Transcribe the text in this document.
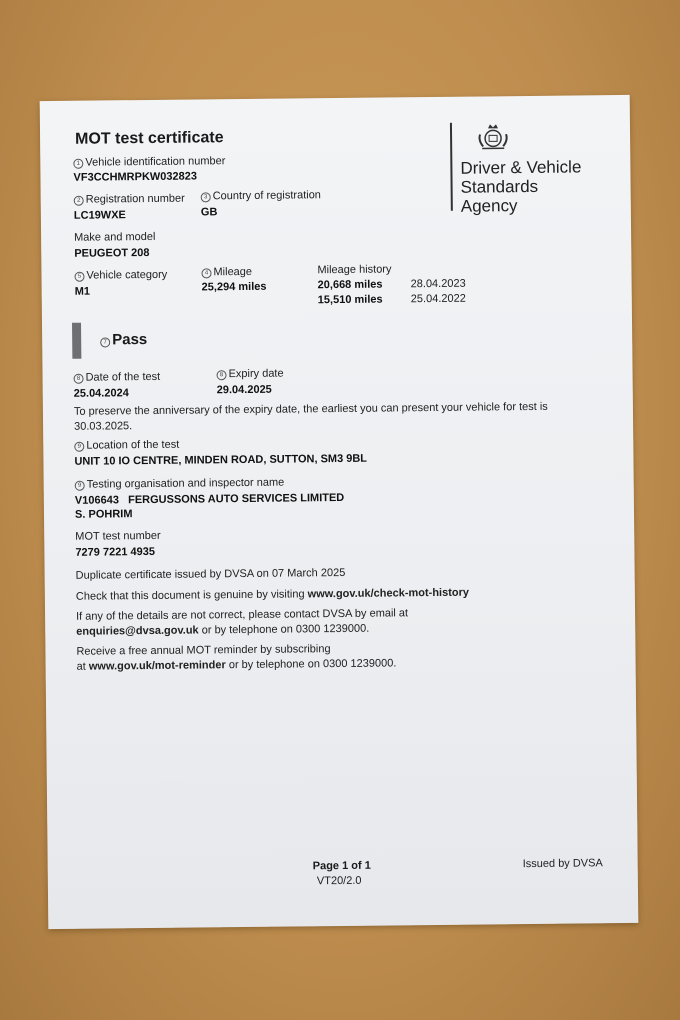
MOT test certificate
Driver & Vehicle
Standards
Agency
1 Vehicle identification number
VF3CCHMRPKW032823
2 Registration number
LC19WXE
3 Country of registration
GB
Make and model
PEUGEOT 208
5 Vehicle category
M1
4 Mileage
25,294 miles
Mileage history
20,668 miles	28.04.2023
15,510 miles	25.04.2022
7 Pass
8 Date of the test
25.04.2024
8 Expiry date
29.04.2025
To preserve the anniversary of the expiry date, the earliest you can present your vehicle for test is
30.03.2025.
9 Location of the test
UNIT 10 IO CENTRE, MINDEN ROAD, SUTTON, SM3 9BL
9 Testing organisation and inspector name
V106643   FERGUSSONS AUTO SERVICES LIMITED
S. POHRIM
MOT test number
7279 7221 4935
Duplicate certificate issued by DVSA on 07 March 2025
Check that this document is genuine by visiting www.gov.uk/check-mot-history
If any of the details are not correct, please contact DVSA by email at
enquiries@dvsa.gov.uk or by telephone on 0300 1239000.
Receive a free annual MOT reminder by subscribing
at www.gov.uk/mot-reminder or by telephone on 0300 1239000.
Page 1 of 1
VT20/2.0
Issued by DVSA
